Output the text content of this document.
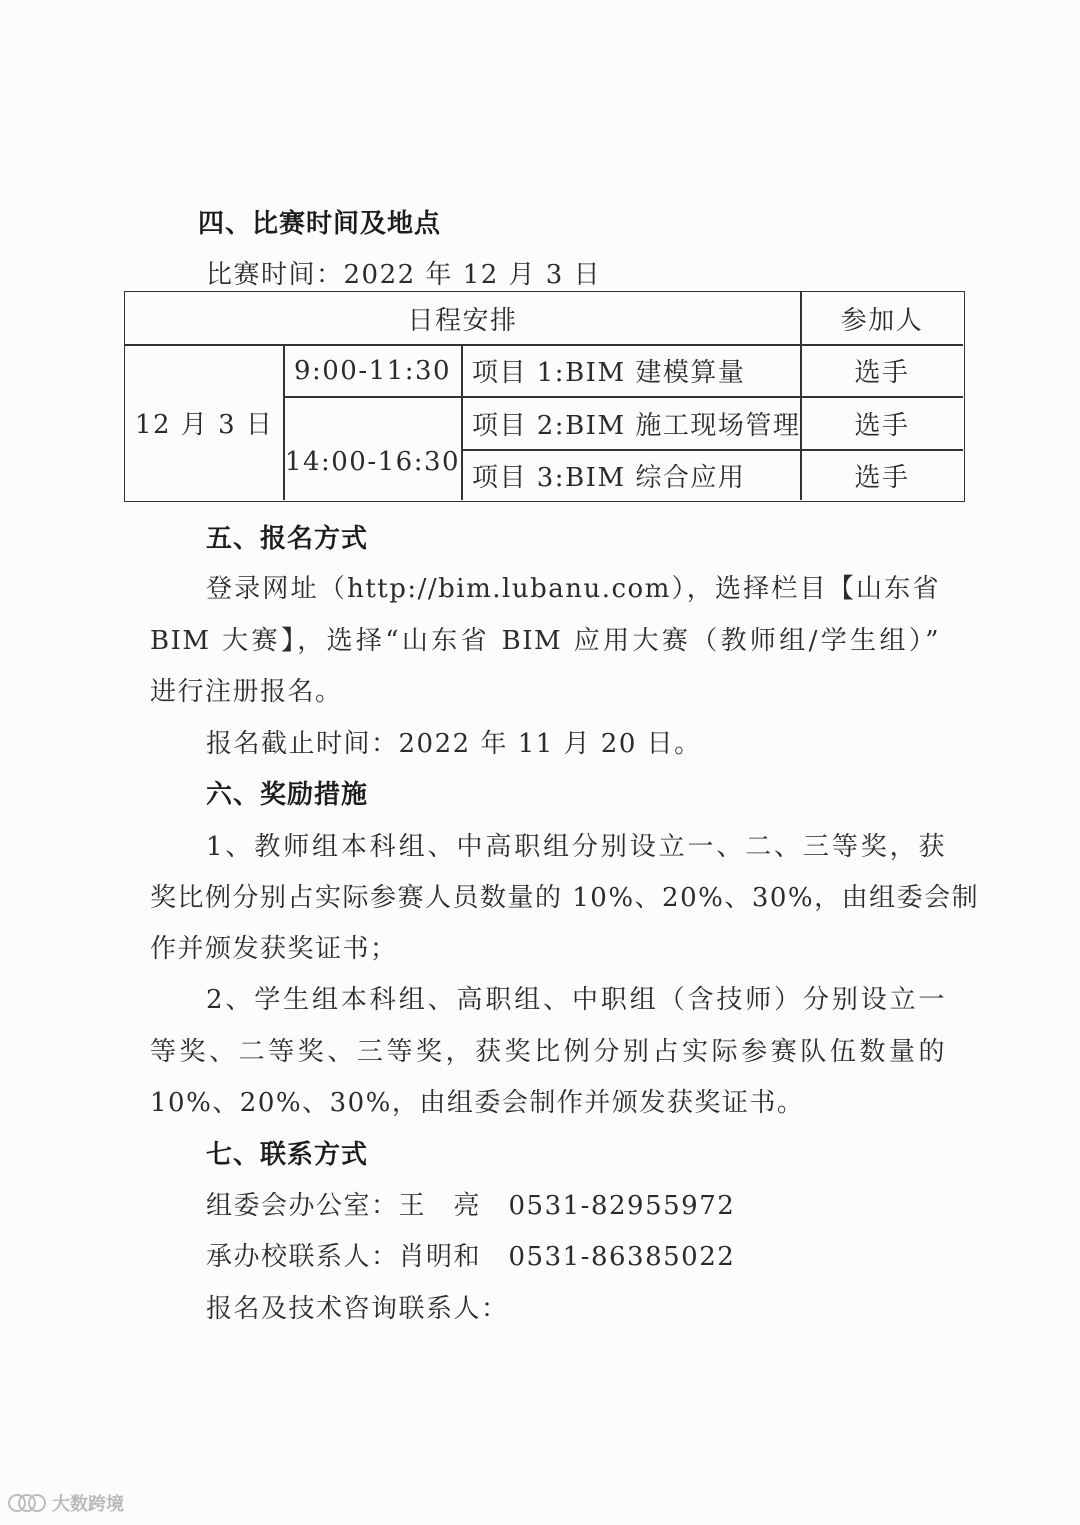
四、比赛时间及地点
比赛时间：2022 年 12 月 3 日
日程安排	参加人
12 月 3 日
9:00-11:30
14:00-16:30
项目 1:BIM 建模算量
项目 2:BIM 施工现场管理
项目 3:BIM 综合应用
选手
选手
选手
五、报名方式
登录网址（http://bim.lubanu.com），选择栏目【山东省
BIM 大赛】，选择“山东省 BIM 应用大赛（教师组/学生组）”
进行注册报名。
报名截止时间：2022 年 11 月 20 日。
六、奖励措施
1、教师组本科组、中高职组分别设立一、二、三等奖，获
奖比例分别占实际参赛人员数量的 10%、20%、30%，由组委会制
作并颁发获奖证书；
2、学生组本科组、高职组、中职组（含技师）分别设立一
等奖、二等奖、三等奖，获奖比例分别占实际参赛队伍数量的
10%、20%、30%，由组委会制作并颁发获奖证书。
七、联系方式
组委会办公室：王　亮　0531-82955972
承办校联系人：肖明和　0531-86385022
报名及技术咨询联系人：
大数跨境
